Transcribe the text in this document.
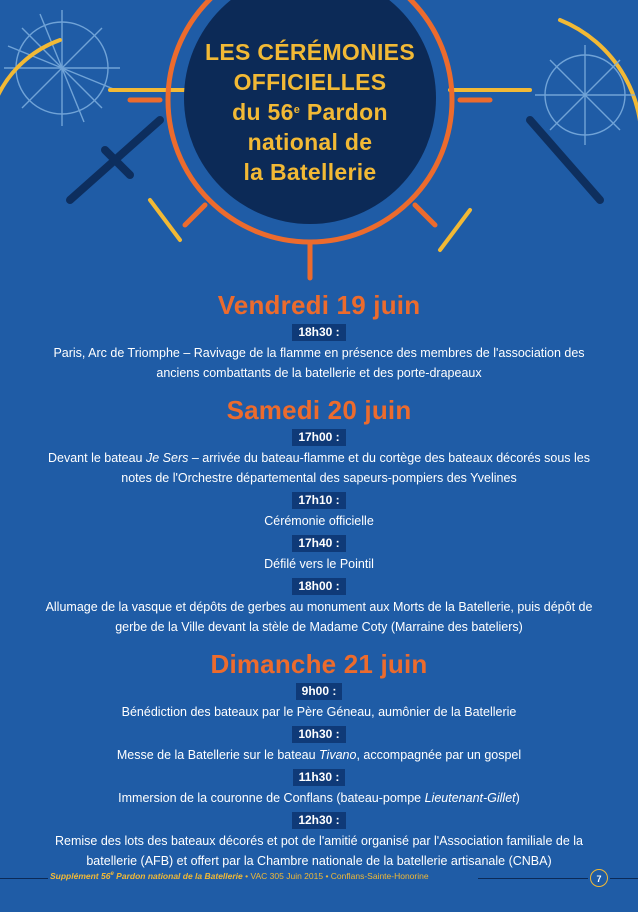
LES CÉRÉMONIES
OFFICIELLES
du 56e Pardon
national de
la Batellerie
Vendredi 19 juin
18h30 :
Paris, Arc de Triomphe – Ravivage de la flamme en présence des membres de l'association des anciens combattants de la batellerie et des porte-drapeaux
Samedi 20 juin
17h00 :
Devant le bateau Je Sers – arrivée du bateau-flamme et du cortège des bateaux décorés sous les notes de l'Orchestre départemental des sapeurs-pompiers des Yvelines
17h10 :
Cérémonie officielle
17h40 :
Défilé vers le Pointil
18h00 :
Allumage de la vasque et dépôts de gerbes au monument aux Morts de la Batellerie, puis dépôt de gerbe de la Ville devant la stèle de Madame Coty (Marraine des bateliers)
Dimanche 21 juin
9h00 :
Bénédiction des bateaux par le Père Géneau, aumônier de la Batellerie
10h30 :
Messe de la Batellerie sur le bateau Tivano, accompagnée par un gospel
11h30 :
Immersion de la couronne de Conflans (bateau-pompe Lieutenant-Gillet)
12h30 :
Remise des lots des bateaux décorés et pot de l'amitié organisé par l'Association familiale de la batellerie (AFB) et offert par la Chambre nationale de la batellerie artisanale (CNBA)
Supplément 56e Pardon national de la Batellerie • VAC 305 Juin 2015 • Conflans-Sainte-Honorine	7
